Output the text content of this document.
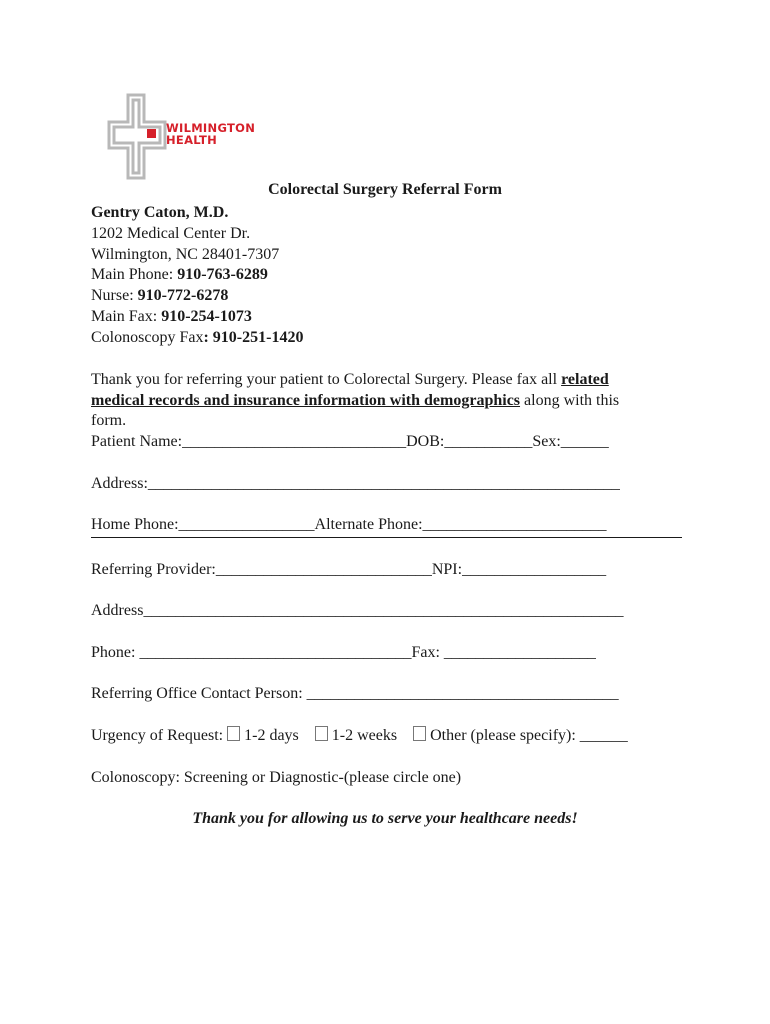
WILMINGTON
HEALTH
Colorectal Surgery Referral Form
Gentry Caton, M.D.
1202 Medical Center Dr.
Wilmington, NC 28401-7307
Main Phone: 910-763-6289
Nurse: 910-772-6278
Main Fax: 910-254-1073
Colonoscopy Fax: 910-251-1420
Thank you for referring your patient to Colorectal Surgery. Please fax all related
medical records and insurance information with demographics along with this
form.
Patient Name:____________________________DOB:___________Sex:______
Address:___________________________________________________________
Home Phone:_________________Alternate Phone:_______________________
Referring Provider:___________________________NPI:__________________
Address____________________________________________________________
Phone: __________________________________Fax: ___________________
Referring Office Contact Person: _______________________________________
Urgency of Request: 1-2 days 1-2 weeks Other (please specify): ______
Colonoscopy: Screening or Diagnostic-(please circle one)
Thank you for allowing us to serve your healthcare needs!
